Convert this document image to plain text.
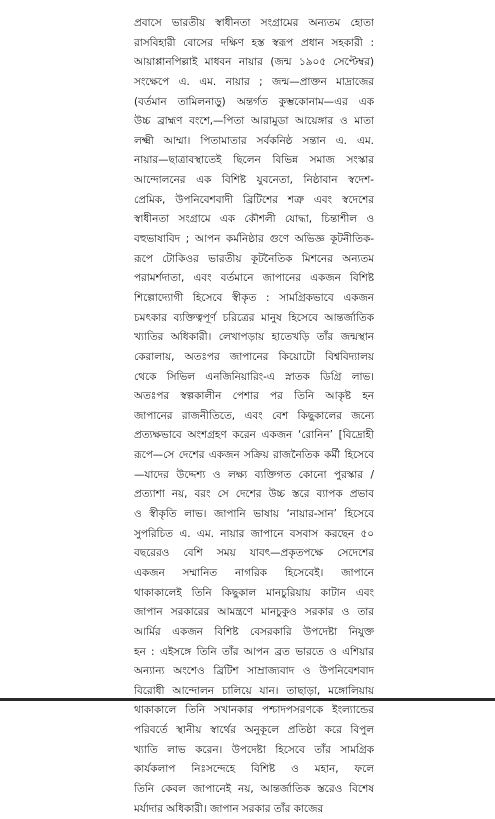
প্রবাসে ভারতীয় স্বাধীনতা সংগ্রামের অন্যতম হোতা
রাসবিহারী বোসের দক্ষিণ হস্ত স্বরূপ প্রধান সহকারী :
আয়াপ্পানপিল্লাই মাধবন নায়ার (জন্ম ১৯০৫ সেপ্টেম্বর)
সংক্ষেপে এ. এম. নায়ার ; জন্ম—প্রাক্তন মাদ্রাজের
(বর্তমান তামিলনাড়ু) অন্তর্গত কুম্ভকোনাম—এর এক
উচ্চ ব্রাহ্মণ বংশে,—পিতা আরামুডা আয়েঙ্গার ও মাতা
লক্ষ্মী আম্মা। পিতামাতার সর্বকনিষ্ঠ সন্তান এ. এম.
নায়ার—ছাত্রাবস্থাতেই ছিলেন বিভিন্ন সমাজ সংস্কার
আন্দোলনের এক বিশিষ্ট যুবনেতা, নিষ্ঠাবান স্বদেশ-
প্রেমিক, উপনিবেশবাদী ব্রিটিশের শত্রু এবং স্বদেশের
স্বাধীনতা সংগ্রামে এক কৌশলী যোদ্ধা, চিন্তাশীল ও
বহুভাষাবিদ ; আপন কর্মনিষ্ঠার গুণে অভিজ্ঞ কূটনীতিক-
রূপে টোকিওর ভারতীয় কূটনৈতিক মিশনের অন্যতম
পরামর্শদাতা, এবং বর্তমানে জাপানের একজন বিশিষ্ট
শিল্পোদ্যোগী হিসেবে স্বীকৃত : সামগ্রিকভাবে একজন
চমৎকার ব্যক্তিত্বপূর্ণ চরিত্রের মানুষ হিসেবে আন্তর্জাতিক
খ্যাতির অধিকারী। লেখাপড়ায় হাতেখড়ি তাঁর জন্মস্থান
কেরালায়, অতঃপর জাপানের কিয়োটো বিশ্ববিদ্যালয়
থেকে সিভিল এনজিনিয়ারিং-এ স্নাতক ডিগ্রি লাভ।
অতঃপর স্বল্পকালীন পেশার পর তিনি আকৃষ্ট হন
জাপানের রাজনীতিতে, এবং বেশ কিছুকালের জন্যে
প্রত্যক্ষভাবে অংশগ্রহণ করেন একজন ‘রোনিন’ [বিদ্রোহী
রূপে—সে দেশের একজন সক্রিয় রাজনৈতিক কর্মী হিসেবে
—যাদের উদ্দেশ্য ও লক্ষ্য ব্যক্তিগত কোনো পুরস্কার /
প্রত্যাশা নয়, বরং সে দেশের উচ্চ স্তরে ব্যাপক প্রভাব
ও স্বীকৃতি লাভ। জাপানি ভাষায় ‘নায়ার-সান’ হিসেবে
সুপরিচিত এ. এম. নায়ার জাপানে বসবাস করছেন ৫০
বছরেরও বেশি সময় যাবৎ—প্রকৃতপক্ষে সেদেশের
একজন সম্মানিত নাগরিক হিসেবেই। জাপানে
থাকাকালেই তিনি কিছুকাল মানচুরিয়ায় কাটান এবং
জাপান সরকারের আমন্ত্রণে মানচুকুও সরকার ও তার
আর্মির একজন বিশিষ্ট বেসরকারি উপদেষ্টা নিযুক্ত
হন : এইসঙ্গে তিনি তাঁর আপন ব্রত ভারতে ও এশিয়ার
অন্যান্য অংশেও ব্রিটিশ সাম্রাজ্যবাদ ও উপনিবেশবাদ
বিরোধী আন্দোলন চালিয়ে যান। তাছাড়া, মঙ্গোলিয়ায়
থাকাকালে তিনি সখানকার পশ্চাদপসরণকে ইংল্যান্ডের
পরিবর্তে স্থানীয় স্বার্থের অনুকূলে প্রতিষ্ঠা করে বিপুল
খ্যাতি লাভ করেন। উপদেষ্টা হিসেবে তাঁর সামগ্রিক
কার্যকলাপ নিঃসন্দেহে বিশিষ্ট ও মহান, ফলে
তিনি কেবল জাপানেই নয়, আন্তর্জাতিক স্তরেও বিশেষ
মর্যাদার অধিকারী। জাপান সরকার তাঁর কাজের
